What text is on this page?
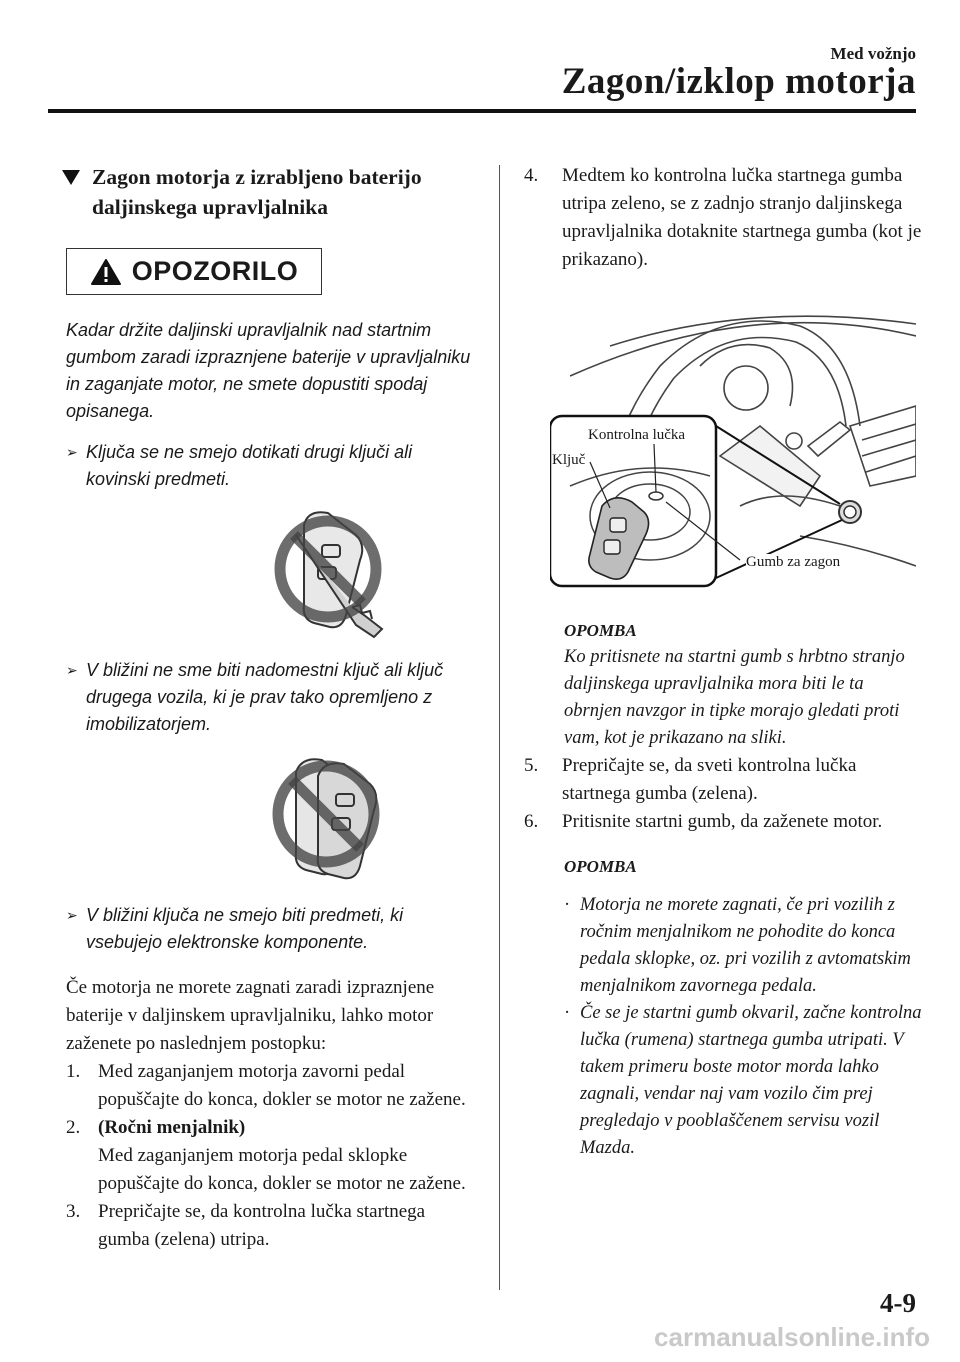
Med vožnjo
Zagon/izklop motorja
Zagon motorja z izrabljeno baterijo
daljinskega upravljalnika
OPOZORILO
Kadar držite daljinski upravljalnik nad startnim gumbom zaradi izpraznjene baterije v upravljalniku in zaganjate motor, ne smete dopustiti spodaj opisanega.
➢ Ključa se ne smejo dotikati drugi ključi ali kovinski predmeti.
➢ V bližini ne sme biti nadomestni ključ ali ključ drugega vozila, ki je prav tako opremljeno z imobilizatorjem.
➢ V bližini ključa ne smejo biti predmeti, ki vsebujejo elektronske komponente.
Če motorja ne morete zagnati zaradi izpraznjene baterije v daljinskem upravljalniku, lahko motor zaženete po naslednjem postopku:
1. Med zaganjanjem motorja zavorni pedal popuščajte do konca, dokler se motor ne zažene.
2. (Ročni menjalnik)
Med zaganjanjem motorja pedal sklopke popuščajte do konca, dokler se motor ne zažene.
3. Prepričajte se, da kontrolna lučka startnega gumba (zelena) utripa.
4.	Medtem ko kontrolna lučka startnega gumba utripa zeleno, se z zadnjo stranjo daljinskega upravljalnika dotaknite startnega gumba (kot je prikazano).
Kontrolna lučka
Ključ
Gumb za zagon
OPOMBA
Ko pritisnete na startni gumb s hrbtno stranjo daljinskega upravljalnika mora biti le ta obrnjen navzgor in tipke morajo gledati proti vam, kot je prikazano na sliki.
5.	Prepričajte se, da sveti kontrolna lučka startnega gumba (zelena).
6.	Pritisnite startni gumb, da zaženete motor.
OPOMBA
· Motorja ne morete zagnati, če pri vozilih z ročnim menjalnikom ne pohodite do konca pedala sklopke, oz. pri vozilih z avtomatskim menjalnikom zavornega pedala.
· Če se je startni gumb okvaril, začne kontrolna lučka (rumena) startnega gumba utripati. V takem primeru boste motor morda lahko zagnali, vendar naj vam vozilo čim prej pregledajo v pooblaščenem servisu vozil Mazda.
4-9
carmanualsonline.info
